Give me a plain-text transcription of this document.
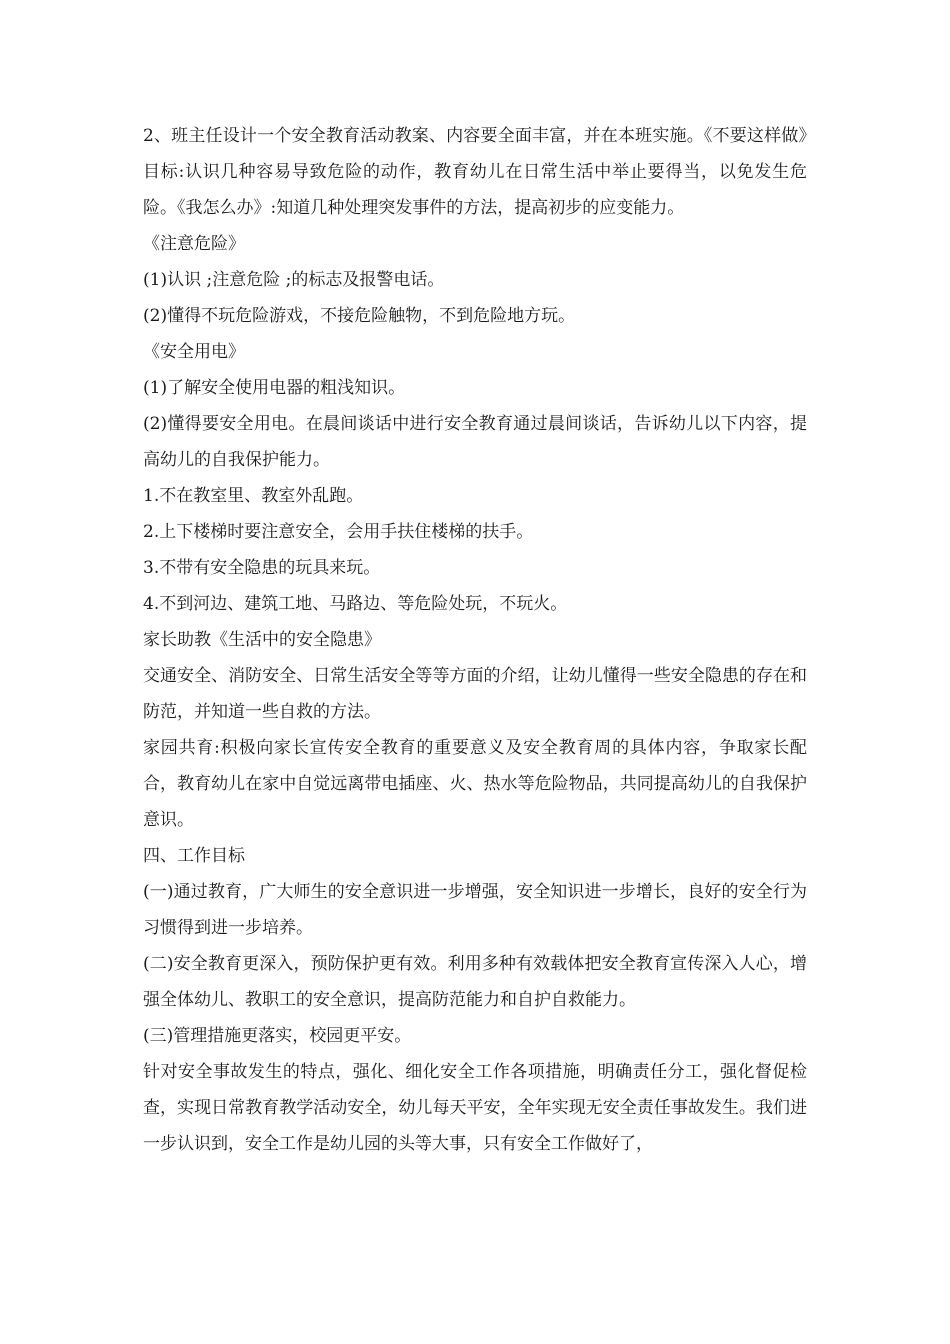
2、班主任设计一个安全教育活动教案、内容要全面丰富，并在本班实施。《不要这样做》目标:认识几种容易导致危险的动作，教育幼儿在日常生活中举止要得当，以免发生危险。《我怎么办》:知道几种处理突发事件的方法，提高初步的应变能力。

《注意危险》

(1)认识 ;注意危险 ;的标志及报警电话。

(2)懂得不玩危险游戏，不接危险触物，不到危险地方玩。

《安全用电》

(1)了解安全使用电器的粗浅知识。

(2)懂得要安全用电。在晨间谈话中进行安全教育通过晨间谈话，告诉幼儿以下内容，提高幼儿的自我保护能力。

1.不在教室里、教室外乱跑。

2.上下楼梯时要注意安全，会用手扶住楼梯的扶手。

3.不带有安全隐患的玩具来玩。

4.不到河边、建筑工地、马路边、等危险处玩，不玩火。

家长助教《生活中的安全隐患》

交通安全、消防安全、日常生活安全等等方面的介绍，让幼儿懂得一些安全隐患的存在和防范，并知道一些自救的方法。

家园共育:积极向家长宣传安全教育的重要意义及安全教育周的具体内容，争取家长配合，教育幼儿在家中自觉远离带电插座、火、热水等危险物品，共同提高幼儿的自我保护意识。

四、工作目标

(一)通过教育，广大师生的安全意识进一步增强，安全知识进一步增长，良好的安全行为习惯得到进一步培养。

(二)安全教育更深入，预防保护更有效。利用多种有效载体把安全教育宣传深入人心，增强全体幼儿、教职工的安全意识，提高防范能力和自护自救能力。

(三)管理措施更落实，校园更平安。

针对安全事故发生的特点，强化、细化安全工作各项措施，明确责任分工，强化督促检查，实现日常教育教学活动安全，幼儿每天平安，全年实现无安全责任事故发生。我们进一步认识到，安全工作是幼儿园的头等大事，只有安全工作做好了，
